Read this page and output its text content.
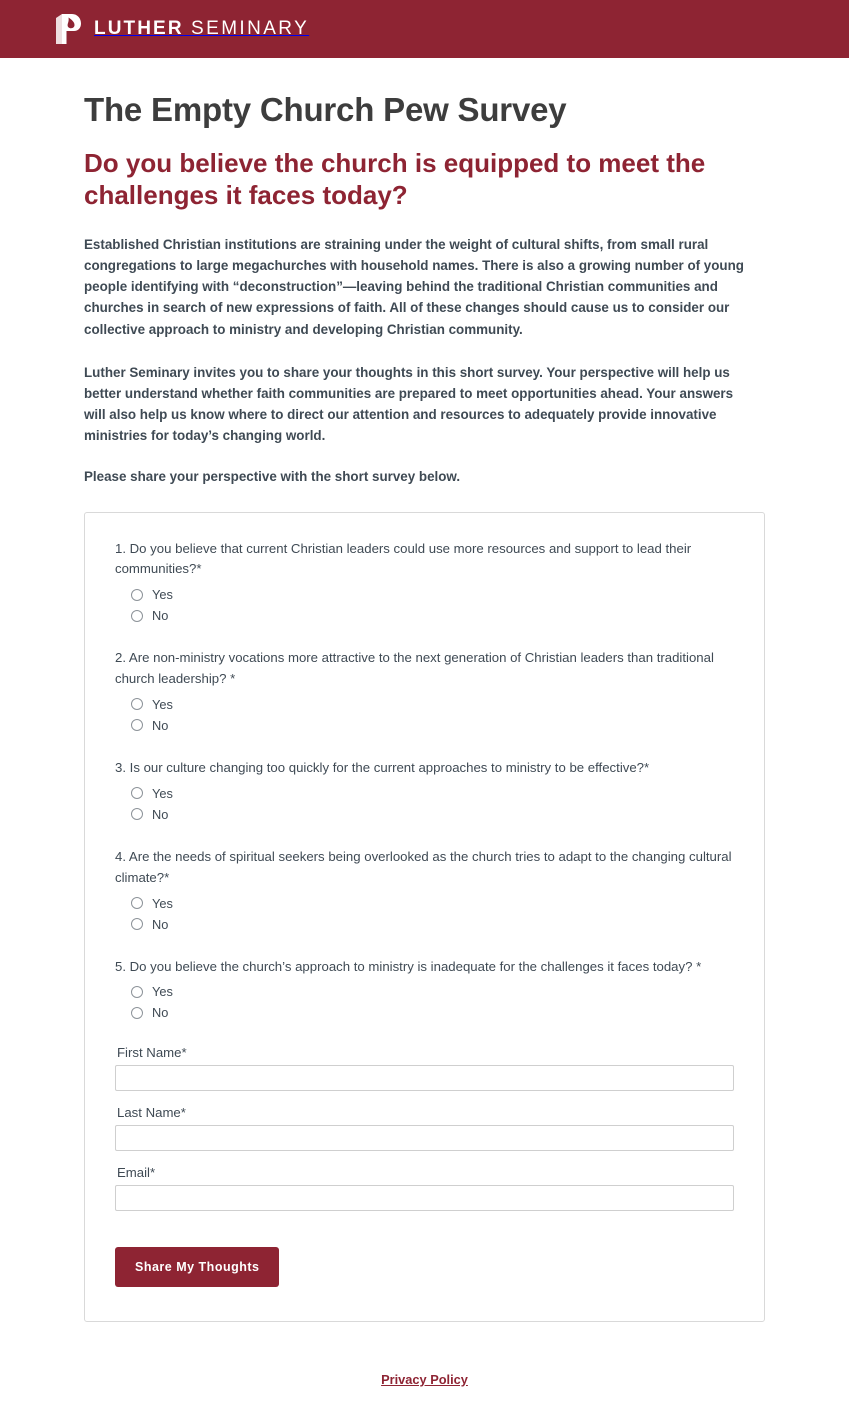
LUTHER SEMINARY
The Empty Church Pew Survey
Do you believe the church is equipped to meet the challenges it faces today?

Established Christian institutions are straining under the weight of cultural shifts, from small rural congregations to large megachurches with household names. There is also a growing number of young people identifying with “deconstruction”—leaving behind the traditional Christian communities and churches in search of new expressions of faith. All of these changes should cause us to consider our collective approach to ministry and developing Christian community.

Luther Seminary invites you to share your thoughts in this short survey. Your perspective will help us better understand whether faith communities are prepared to meet opportunities ahead. Your answers will also help us know where to direct our attention and resources to adequately provide innovative ministries for today’s changing world.

Please share your perspective with the short survey below.

1. Do you believe that current Christian leaders could use more resources and support to lead their communities?*

Yes
No

2. Are non-ministry vocations more attractive to the next generation of Christian leaders than traditional church leadership? *

Yes
No

3. Is our culture changing too quickly for the current approaches to ministry to be effective?*

Yes
No

4. Are the needs of spiritual seekers being overlooked as the church tries to adapt to the changing cultural climate?*

Yes
No

5. Do you believe the church’s approach to ministry is inadequate for the challenges it faces today? *

Yes
No
First Name*
Last Name*
Email*
Share My Thoughts
Privacy Policy
